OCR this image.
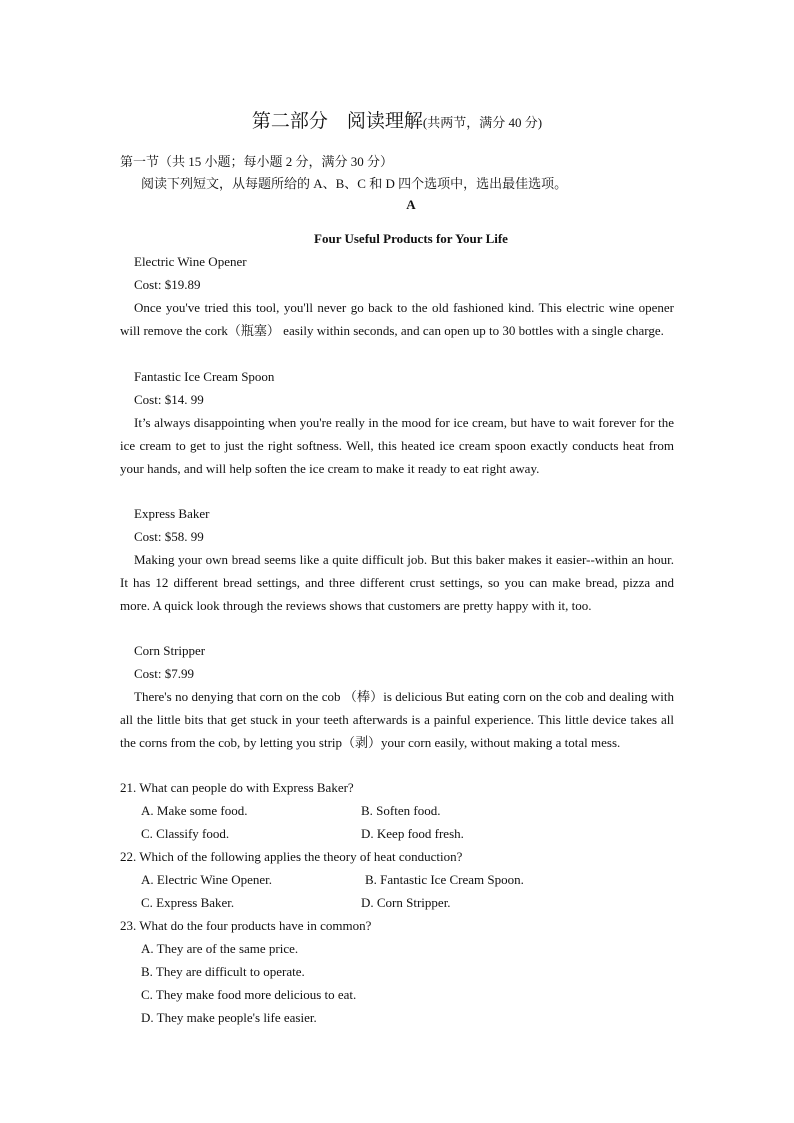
第二部分　阅读理解(共两节，满分 40 分)
第一节（共 15 小题；每小题 2 分，满分 30 分）
阅读下列短文，从每题所给的 A、B、C 和 D 四个选项中，选出最佳选项。
A
Four Useful Products for Your Life
Electric Wine Opener
Cost: $19.89
Once you've tried this tool, you'll never go back to the old fashioned kind. This electric wine opener will remove the cork（瓶塞） easily within seconds, and can open up to 30 bottles with a single charge.
Fantastic Ice Cream Spoon
Cost: $14. 99
It’s always disappointing when you're really in the mood for ice cream, but have to wait forever for the ice cream to get to just the right softness. Well, this heated ice cream spoon exactly conducts heat from your hands, and will help soften the ice cream to make it ready to eat right away.
Express Baker
Cost: $58. 99
Making your own bread seems like a quite difficult job. But this baker makes it easier--within an hour. It has 12 different bread settings, and three different crust settings, so you can make bread, pizza and more. A quick look through the reviews shows that customers are pretty happy with it, too.
Corn Stripper
Cost: $7.99
There's no denying that corn on the cob （棒）is delicious But eating corn on the cob and dealing with all the little bits that get stuck in your teeth afterwards is a painful experience. This little device takes all the corns from the cob, by letting you strip（剥）your corn easily, without making a total mess.
21. What can people do with Express Baker?
A. Make some food.	B. Soften food.
C. Classify food.	D. Keep food fresh.
22. Which of the following applies the theory of heat conduction?
A. Electric Wine Opener.	B. Fantastic Ice Cream Spoon.
C. Express Baker.	D. Corn Stripper.
23. What do the four products have in common?
A. They are of the same price.
B. They are difficult to operate.
C. They make food more delicious to eat.
D. They make people's life easier.
